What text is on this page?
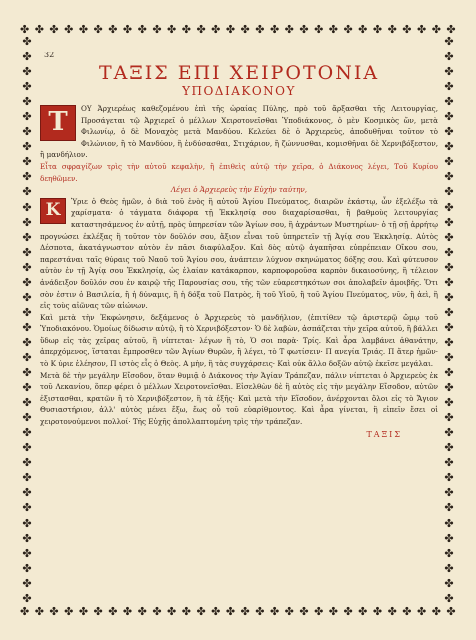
✤ ✤ ✤ ✤ ✤ ✤ ✤ ✤ ✤ ✤ ✤ ✤ ✤ ✤ ✤ ✤ ✤ ✤ ✤ ✤ ✤ ✤ ✤ ✤ ✤ ✤ ✤ ✤ ✤ ✤
✤ ✤ ✤ ✤ ✤ ✤ ✤ ✤ ✤ ✤ ✤ ✤ ✤ ✤ ✤ ✤ ✤ ✤ ✤ ✤ ✤ ✤ ✤ ✤ ✤ ✤ ✤ ✤ ✤ ✤
✤
✤
✤
✤
✤
✤
✤
✤
✤
✤
✤
✤
✤
✤
✤
✤
✤
✤
✤
✤
✤
✤
✤
✤
✤
✤
✤
✤
✤
✤
✤
✤
✤
✤
✤
✤
✤
✤
✤
✤
✤
✤
✤
✤
✤
✤
✤
✤
✤
✤
✤
✤
✤
✤
✤
✤
✤
✤
✤
✤
✤
✤
✤
✤
✤
✤
✤
✤
✤
✤
✤
✤
✤
✤
✤
✤
32
ΤΑΞΙΣ ΕΠΙ ΧΕΙΡΟΤΟΝΙΑ
ΥΠΟΔΙΑΚΟΝΟΥ

Τ	ΟΥ Ἀρχιερέως καθεζομένου ἐπὶ τῆς ὡραίας Πύλης, πρὸ τοῦ ἄρξασθαι τῆς Λειτουργίας, Προσάγεται τῷ Ἀρχιερεῖ ὁ μέλλων Χειροτονεῖσθαι Ὑποδιάκονος, ὁ μὲν Κοσμικὸς ὤν, μετὰ Φιλωνίῳ, ὁ δὲ Μοναχὸς μετὰ Μανδύου. Κελεύει δὲ ὁ Ἀρχιερεὺς, ἀποδυθῆναι τοῦτον τὸ Φιλώνιον, ἢ τὸ Μανδύον, ἢ ἐνδύσασθαι, Στιχάριον, ἢ ζώννυσθαι, κομισθῆναι δὲ Χερνιβόξεστον, ἢ μανδήλιον.

Εἶτα σφραγίζων τρὶς τὴν αὐτοῦ κεφαλὴν, ἢ ἐπιθεὶς αὐτῷ τὴν χεῖρα, ὁ Διάκονος λέγει, Τοῦ Κυρίου δεηθῶμεν.

Λέγει ὁ Ἀρχιερεὺς τὴν Εὐχὴν ταύτην,

Κ	Ὑριε ὁ Θεὸς ἡμῶν, ὁ διὰ τοῦ ἑνὸς ἢ αὐτοῦ Ἁγίου Πνεύματος, διαιρῶν ἑκάστῳ, ὧν ἐξελέξω τὰ χαρίσματα· ὁ τάγματα διάφορα τῇ Ἐκκλησίᾳ σου διαχαρίσασθαι, ἢ βαθμοὺς λειτουργίας καταστησάμενος ἐν αὐτῇ, πρὸς ὑπηρεσίαν τῶν Ἁγίων σου, ἢ ἀχράντων Μυστηρίων· ὁ τῇ σῇ ἀρρήτῳ προγνώσει ἐκλέξας ἢ τοῦτον τὸν δοῦλόν σου, ἄξιον εἶναι τοῦ ὑπηρετεῖν τῇ Ἁγίᾳ σου Ἐκκλησίᾳ. Αὐτὸς Δέσποτα, ἀκατάγνωστον αὐτὸν ἐν πᾶσι διαφύλαξον. Καὶ δὸς αὐτῷ ἀγαπῆσαι εὐπρέπειαν Οἴκου σου, παρεστάναι ταῖς θύραις τοῦ Ναοῦ τοῦ Ἁγίου σου, ἀνάπτειν λύχνον σκηνώματος δόξης σου. Καὶ φύτευσον αὐτὸν ἐν τῇ Ἁγίᾳ σου Ἐκκλησίᾳ, ὡς ἐλαίαν κατάκαρπον, καρποφοροῦσα καρπὸν δικαιοσύνης, ἢ τέλειον ἀνάδειξον δοῦλόν σου ἐν καιρῷ τῆς Παρουσίας σου, τῆς τῶν εὐαρεστηκότων σοι ἀπολαβεῖν ἀμοιβῆς. Ὅτι σὸν ἐστιν ὁ Βασιλεία, ἢ ἡ δύναμις, ἢ ἡ δόξα τοῦ Πατρὸς, ἢ τοῦ Υἱοῦ, ἢ τοῦ Ἁγίου Πνεύματος, νῦν, ἢ ἀεὶ, ἢ εἰς τοὺς αἰῶνας τῶν αἰώνων.

Καὶ μετὰ τὴν Ἐκφώνησιν, δεξάμενος ὁ Ἀρχιερεὺς τὸ μανδήλιον, (ἐπιτίθεν τῷ ἀριστερῷ ὤμῳ τοῦ Ὑποδιακόνου. Ὁμοίως δίδωσιν αὐτῷ, ἢ τὸ Χερνιβόξεστον· Ὁ δὲ λαβὼν, ἀσπάζεται τὴν χεῖρα αὐτοῦ, ἢ βάλλει ὕδωρ εἰς τὰς χεῖρας αὐτοῦ, ἢ νίπτεται· λέγων ἢ τὸ, Ὁ σοι παρὰ· Τρίς. Καὶ ἆρα λαμβάνει ἀθανάτην, ἀπερχόμενος, ἵσταται ἔμπροσθεν τῶν Ἁγίων Θυρῶν, ἢ λέγει, τὸ Τ φωτίσειν· Π ανεγία Τριάς. Π ἄτερ ἡμῶν· τὸ Κ ύριε ἐλέησον, Π ιστὸς εἷς ὁ Θεὸς. Α μὴν, ἢ τὰς συγχάρσεις· Καὶ οὐκ ἄλλο δοξῶν αὐτῷ ἐκεῖσε μεγάλαι.

Μετὰ δὲ τὴν μεγάλην Εἴσοδον, ὅταν θυμιᾷ ὁ Διάκονος τὴν Ἁγίαν Τράπεζαν, πάλιν νίπτεται ὁ Ἀρχιερεὺς ἐκ τοῦ Λεκανίου, ὅπερ φέρει ὁ μέλλων Χειροτονεῖσθαι. Εἰσελθὼν δὲ ἢ αὐτὸς εἰς τὴν μεγάλην Εἴσοδον, αὐτῶν ἐξιστασθαι, κρατῶν ἢ τὸ Χερνιβόξεστον, ἢ τὰ ἑξῆς· Καὶ μετὰ τὴν Εἴσοδον, ἀνέρχονται ὅλοι εἰς τὸ Ἅγιον Θυσιαστήριον, ἀλλ' αὐτὸς μένει ἔξω, ἕως οὗ τοῦ εὐαρίθμοντος. Καὶ ἆρα γίνεται, ἢ εἰπεῖν ἔσει οἱ χειροτονούμενοι πολλοί· Τῆς Εὐχῆς ἀπολλαπτομένη τρὶς τὴν τράπεζαν.

ΤΑΞΙΣ
